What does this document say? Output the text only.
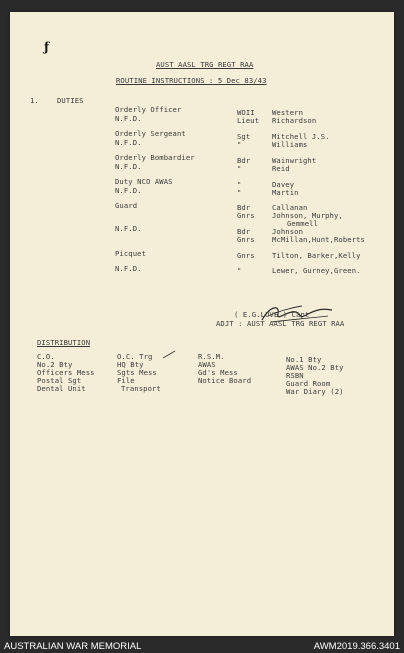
ƒ
AUST AASL TRG REGT RAA
ROUTINE INSTRUCTIONS : 5 Dec 83/43
1.	DUTIES
Orderly Officer	WOII Western
N.F.D.	Lieut Richardson
Orderly Sergeant	Sgt	Mitchell J.S.
N.F.D.	"	Williams
Orderly Bombardier	Bdr	Wainwright
N.F.D.	"	Reid
Duty NCO AWAS	"	Davey
N.F.D.	"	Martin
Guard	Bdr	Callanan
Gnrs Johnson, Murphy,
Gemmell
N.F.D.	Bdr	Johnson
Gnrs McMillan,Hunt,Roberts
Picquet	Gnrs Tilton, Barker,Kelly
N.F.D.	"	Lewer, Gurney,Green.
( E.G.LOVE ) Capt
ADJT : AUST AASL TRG REGT RAA
DISTRIBUTION
C.O.
No.2 Bty
Officers Mess
Postal Sgt
Dental Unit
O.C. Trg
HQ Bty
Sgts Mess
File
Transport
R.S.M.
AWAS
Gd's Mess
Notice Board
No.1 Bty
AWAS No.2 Bty
RSBN
Guard Room
War Diary (2)
AUSTRALIAN WAR MEMORIAL	AWM2019.366.3401
